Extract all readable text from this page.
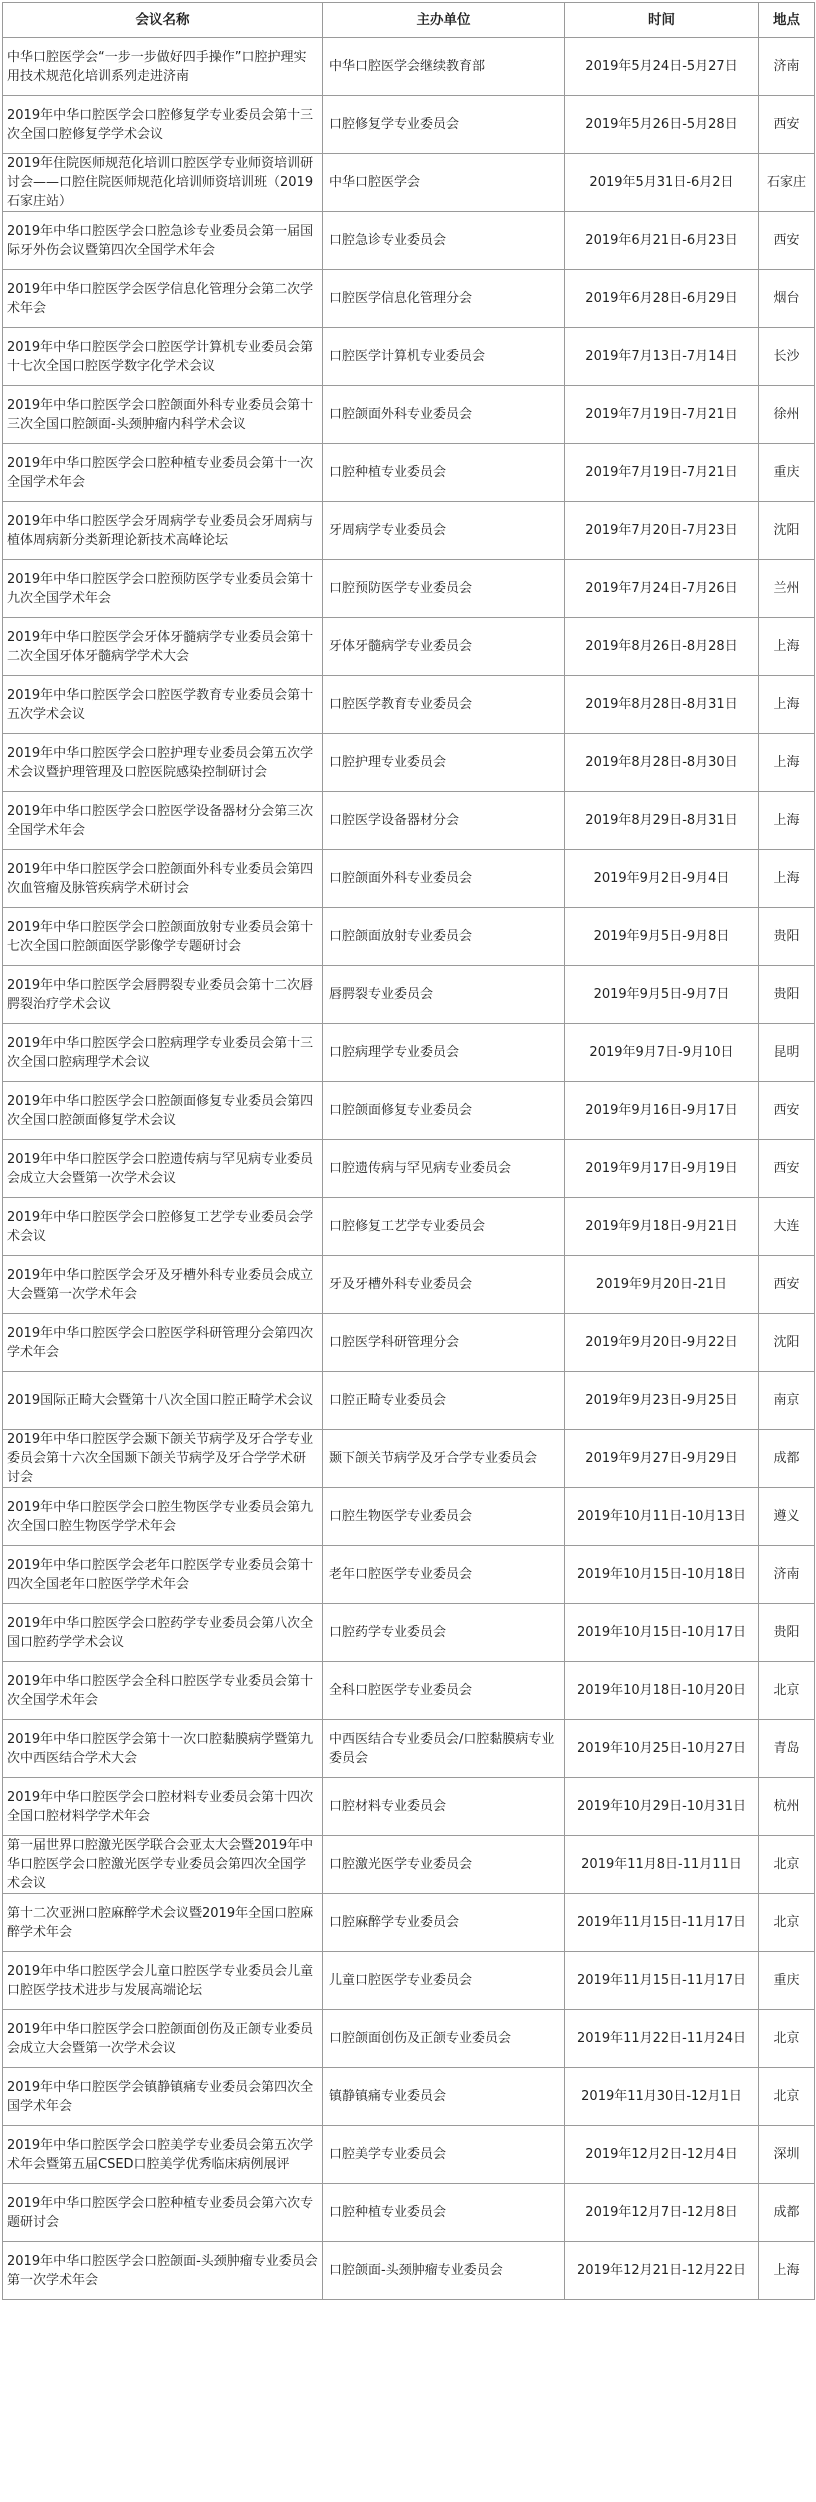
会议名称	主办单位	时间	地点
中华口腔医学会“一步一步做好四手操作”口腔护理实用技术规范化培训系列走进济南	中华口腔医学会继续教育部	2019年5月24日-5月27日	济南
2019年中华口腔医学会口腔修复学专业委员会第十三次全国口腔修复学学术会议	口腔修复学专业委员会	2019年5月26日-5月28日	西安
2019年住院医师规范化培训口腔医学专业师资培训研讨会——口腔住院医师规范化培训师资培训班（2019石家庄站）	中华口腔医学会	2019年5月31日-6月2日	石家庄
2019年中华口腔医学会口腔急诊专业委员会第一届国际牙外伤会议暨第四次全国学术年会	口腔急诊专业委员会	2019年6月21日-6月23日	西安
2019年中华口腔医学会医学信息化管理分会第二次学术年会	口腔医学信息化管理分会	2019年6月28日-6月29日	烟台
2019年中华口腔医学会口腔医学计算机专业委员会第十七次全国口腔医学数字化学术会议	口腔医学计算机专业委员会	2019年7月13日-7月14日	长沙
2019年中华口腔医学会口腔颌面外科专业委员会第十三次全国口腔颌面-头颈肿瘤内科学术会议	口腔颌面外科专业委员会	2019年7月19日-7月21日	徐州
2019年中华口腔医学会口腔种植专业委员会第十一次全国学术年会	口腔种植专业委员会	2019年7月19日-7月21日	重庆
2019年中华口腔医学会牙周病学专业委员会牙周病与植体周病新分类新理论新技术高峰论坛	牙周病学专业委员会	2019年7月20日-7月23日	沈阳
2019年中华口腔医学会口腔预防医学专业委员会第十九次全国学术年会	口腔预防医学专业委员会	2019年7月24日-7月26日	兰州
2019年中华口腔医学会牙体牙髓病学专业委员会第十二次全国牙体牙髓病学学术大会	牙体牙髓病学专业委员会	2019年8月26日-8月28日	上海
2019年中华口腔医学会口腔医学教育专业委员会第十五次学术会议	口腔医学教育专业委员会	2019年8月28日-8月31日	上海
2019年中华口腔医学会口腔护理专业委员会第五次学术会议暨护理管理及口腔医院感染控制研讨会	口腔护理专业委员会	2019年8月28日-8月30日	上海
2019年中华口腔医学会口腔医学设备器材分会第三次全国学术年会	口腔医学设备器材分会	2019年8月29日-8月31日	上海
2019年中华口腔医学会口腔颌面外科专业委员会第四次血管瘤及脉管疾病学术研讨会	口腔颌面外科专业委员会	2019年9月2日-9月4日	上海
2019年中华口腔医学会口腔颌面放射专业委员会第十七次全国口腔颌面医学影像学专题研讨会	口腔颌面放射专业委员会	2019年9月5日-9月8日	贵阳
2019年中华口腔医学会唇腭裂专业委员会第十二次唇腭裂治疗学术会议	唇腭裂专业委员会	2019年9月5日-9月7日	贵阳
2019年中华口腔医学会口腔病理学专业委员会第十三次全国口腔病理学术会议	口腔病理学专业委员会	2019年9月7日-9月10日	昆明
2019年中华口腔医学会口腔颌面修复专业委员会第四次全国口腔颌面修复学术会议	口腔颌面修复专业委员会	2019年9月16日-9月17日	西安
2019年中华口腔医学会口腔遗传病与罕见病专业委员会成立大会暨第一次学术会议	口腔遗传病与罕见病专业委员会	2019年9月17日-9月19日	西安
2019年中华口腔医学会口腔修复工艺学专业委员会学术会议	口腔修复工艺学专业委员会	2019年9月18日-9月21日	大连
2019年中华口腔医学会牙及牙槽外科专业委员会成立大会暨第一次学术年会	牙及牙槽外科专业委员会	2019年9月20日-21日	西安
2019年中华口腔医学会口腔医学科研管理分会第四次学术年会	口腔医学科研管理分会	2019年9月20日-9月22日	沈阳
2019国际正畸大会暨第十八次全国口腔正畸学术会议	口腔正畸专业委员会	2019年9月23日-9月25日	南京
2019年中华口腔医学会颞下颌关节病学及牙合学专业委员会第十六次全国颞下颌关节病学及牙合学学术研讨会	颞下颌关节病学及牙合学专业委员会	2019年9月27日-9月29日	成都
2019年中华口腔医学会口腔生物医学专业委员会第九次全国口腔生物医学学术年会	口腔生物医学专业委员会	2019年10月11日-10月13日	遵义
2019年中华口腔医学会老年口腔医学专业委员会第十四次全国老年口腔医学学术年会	老年口腔医学专业委员会	2019年10月15日-10月18日	济南
2019年中华口腔医学会口腔药学专业委员会第八次全国口腔药学学术会议	口腔药学专业委员会	2019年10月15日-10月17日	贵阳
2019年中华口腔医学会全科口腔医学专业委员会第十次全国学术年会	全科口腔医学专业委员会	2019年10月18日-10月20日	北京
2019年中华口腔医学会第十一次口腔黏膜病学暨第九次中西医结合学术大会	中西医结合专业委员会/口腔黏膜病专业委员会	2019年10月25日-10月27日	青岛
2019年中华口腔医学会口腔材料专业委员会第十四次全国口腔材料学学术年会	口腔材料专业委员会	2019年10月29日-10月31日	杭州
第一届世界口腔激光医学联合会亚太大会暨2019年中华口腔医学会口腔激光医学专业委员会第四次全国学术会议	口腔激光医学专业委员会	2019年11月8日-11月11日	北京
第十二次亚洲口腔麻醉学术会议暨2019年全国口腔麻醉学术年会	口腔麻醉学专业委员会	2019年11月15日-11月17日	北京
2019年中华口腔医学会儿童口腔医学专业委员会儿童口腔医学技术进步与发展高端论坛	儿童口腔医学专业委员会	2019年11月15日-11月17日	重庆
2019年中华口腔医学会口腔颌面创伤及正颌专业委员会成立大会暨第一次学术会议	口腔颌面创伤及正颌专业委员会	2019年11月22日-11月24日	北京
2019年中华口腔医学会镇静镇痛专业委员会第四次全国学术年会	镇静镇痛专业委员会	2019年11月30日-12月1日	北京
2019年中华口腔医学会口腔美学专业委员会第五次学术年会暨第五届CSED口腔美学优秀临床病例展评	口腔美学专业委员会	2019年12月2日-12月4日	深圳
2019年中华口腔医学会口腔种植专业委员会第六次专题研讨会	口腔种植专业委员会	2019年12月7日-12月8日	成都
2019年中华口腔医学会口腔颌面-头颈肿瘤专业委员会第一次学术年会	口腔颌面-头颈肿瘤专业委员会	2019年12月21日-12月22日	上海
